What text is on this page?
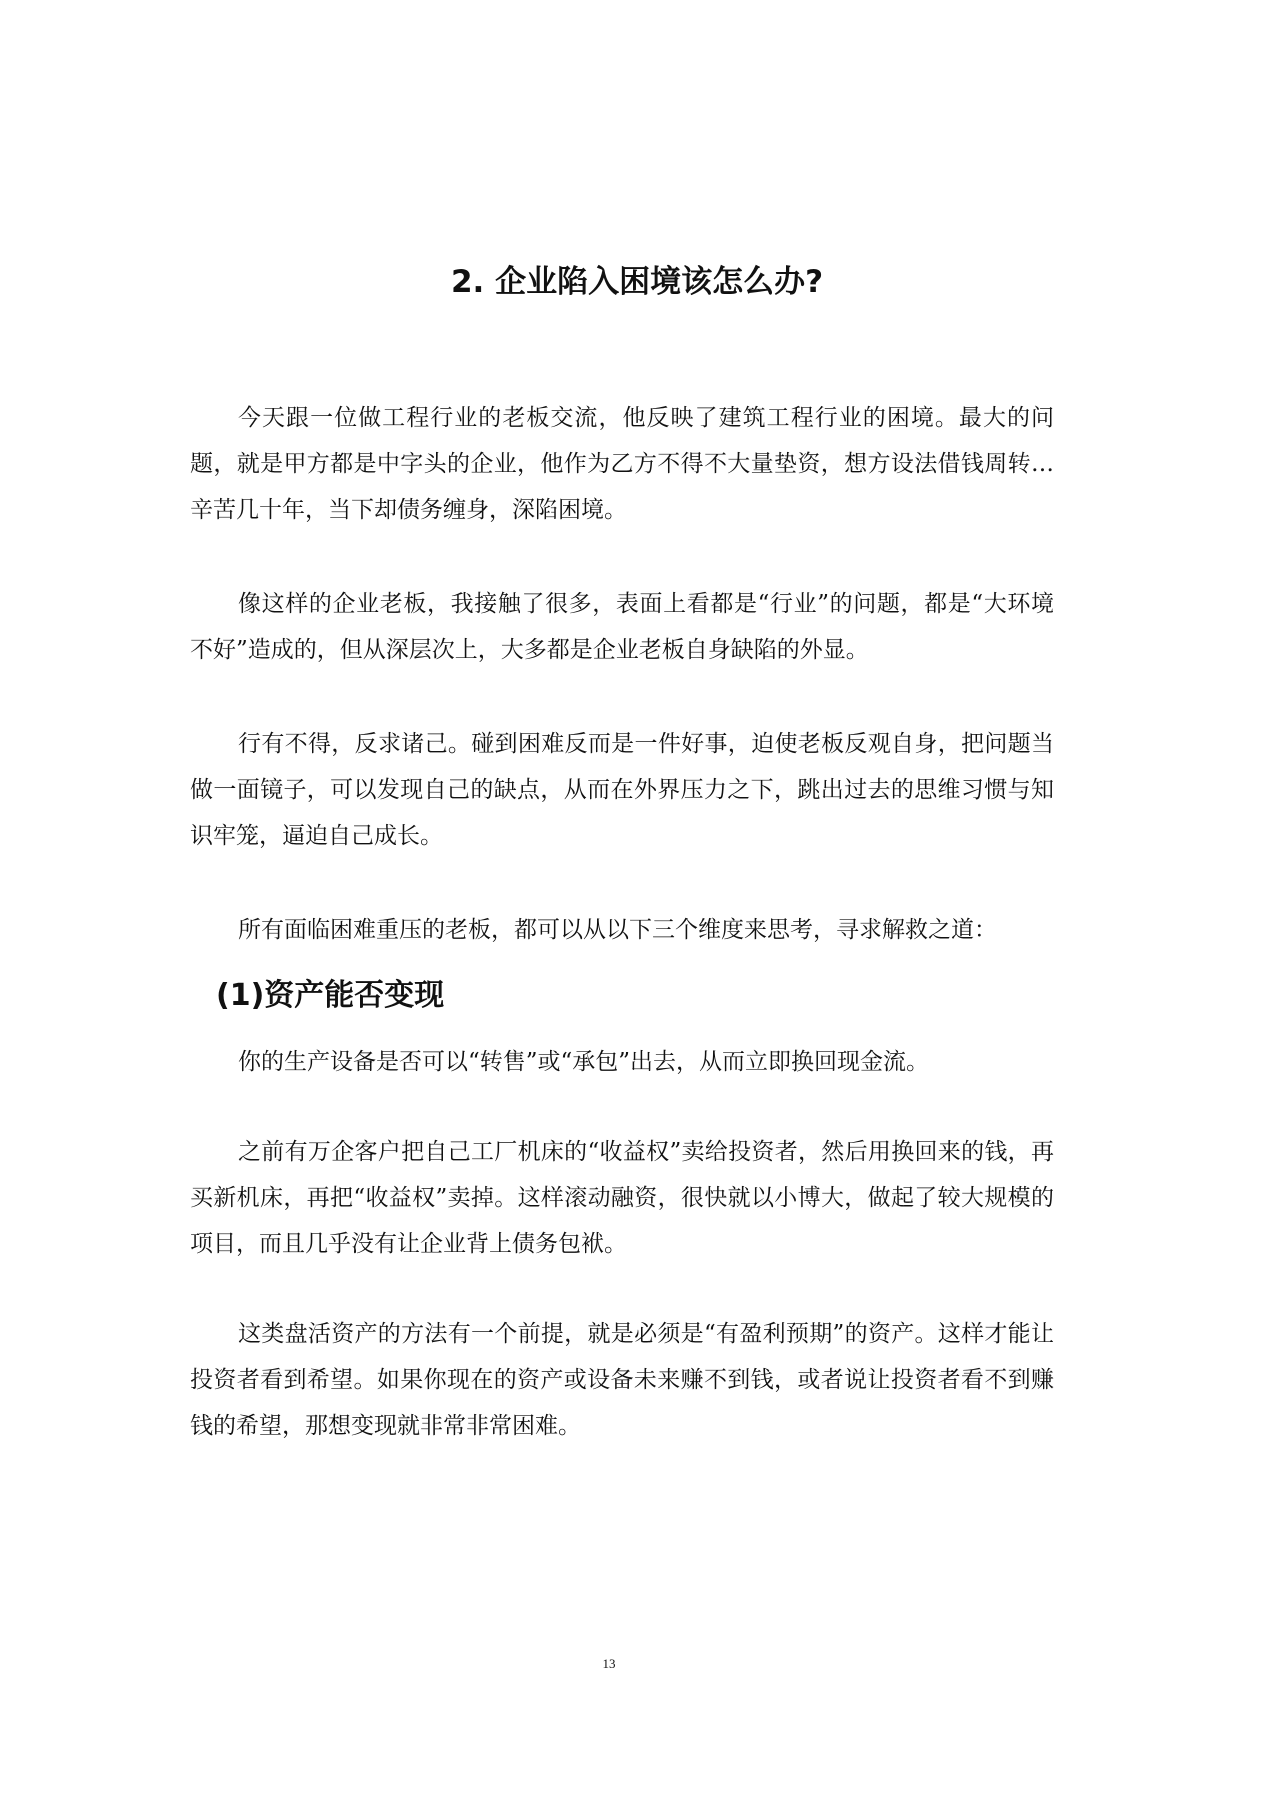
2. 企业陷入困境该怎么办?

今天跟一位做工程行业的老板交流，他反映了建筑工程行业的困境。最大的问题，就是甲方都是中字头的企业，他作为乙方不得不大量垫资，想方设法借钱周转…辛苦几十年，当下却债务缠身，深陷困境。

像这样的企业老板，我接触了很多，表面上看都是“行业”的问题，都是“大环境不好”造成的，但从深层次上，大多都是企业老板自身缺陷的外显。

行有不得，反求诸己。碰到困难反而是一件好事，迫使老板反观自身，把问题当做一面镜子，可以发现自己的缺点，从而在外界压力之下，跳出过去的思维习惯与知识牢笼，逼迫自己成长。

所有面临困难重压的老板，都可以从以下三个维度来思考，寻求解救之道：

(1)资产能否变现

你的生产设备是否可以“转售”或“承包”出去，从而立即换回现金流。

之前有万企客户把自己工厂机床的“收益权”卖给投资者，然后用换回来的钱，再买新机床，再把“收益权”卖掉。这样滚动融资，很快就以小博大，做起了较大规模的项目，而且几乎没有让企业背上债务包袱。

这类盘活资产的方法有一个前提，就是必须是“有盈利预期”的资产。这样才能让投资者看到希望。如果你现在的资产或设备未来赚不到钱，或者说让投资者看不到赚钱的希望，那想变现就非常非常困难。

13
